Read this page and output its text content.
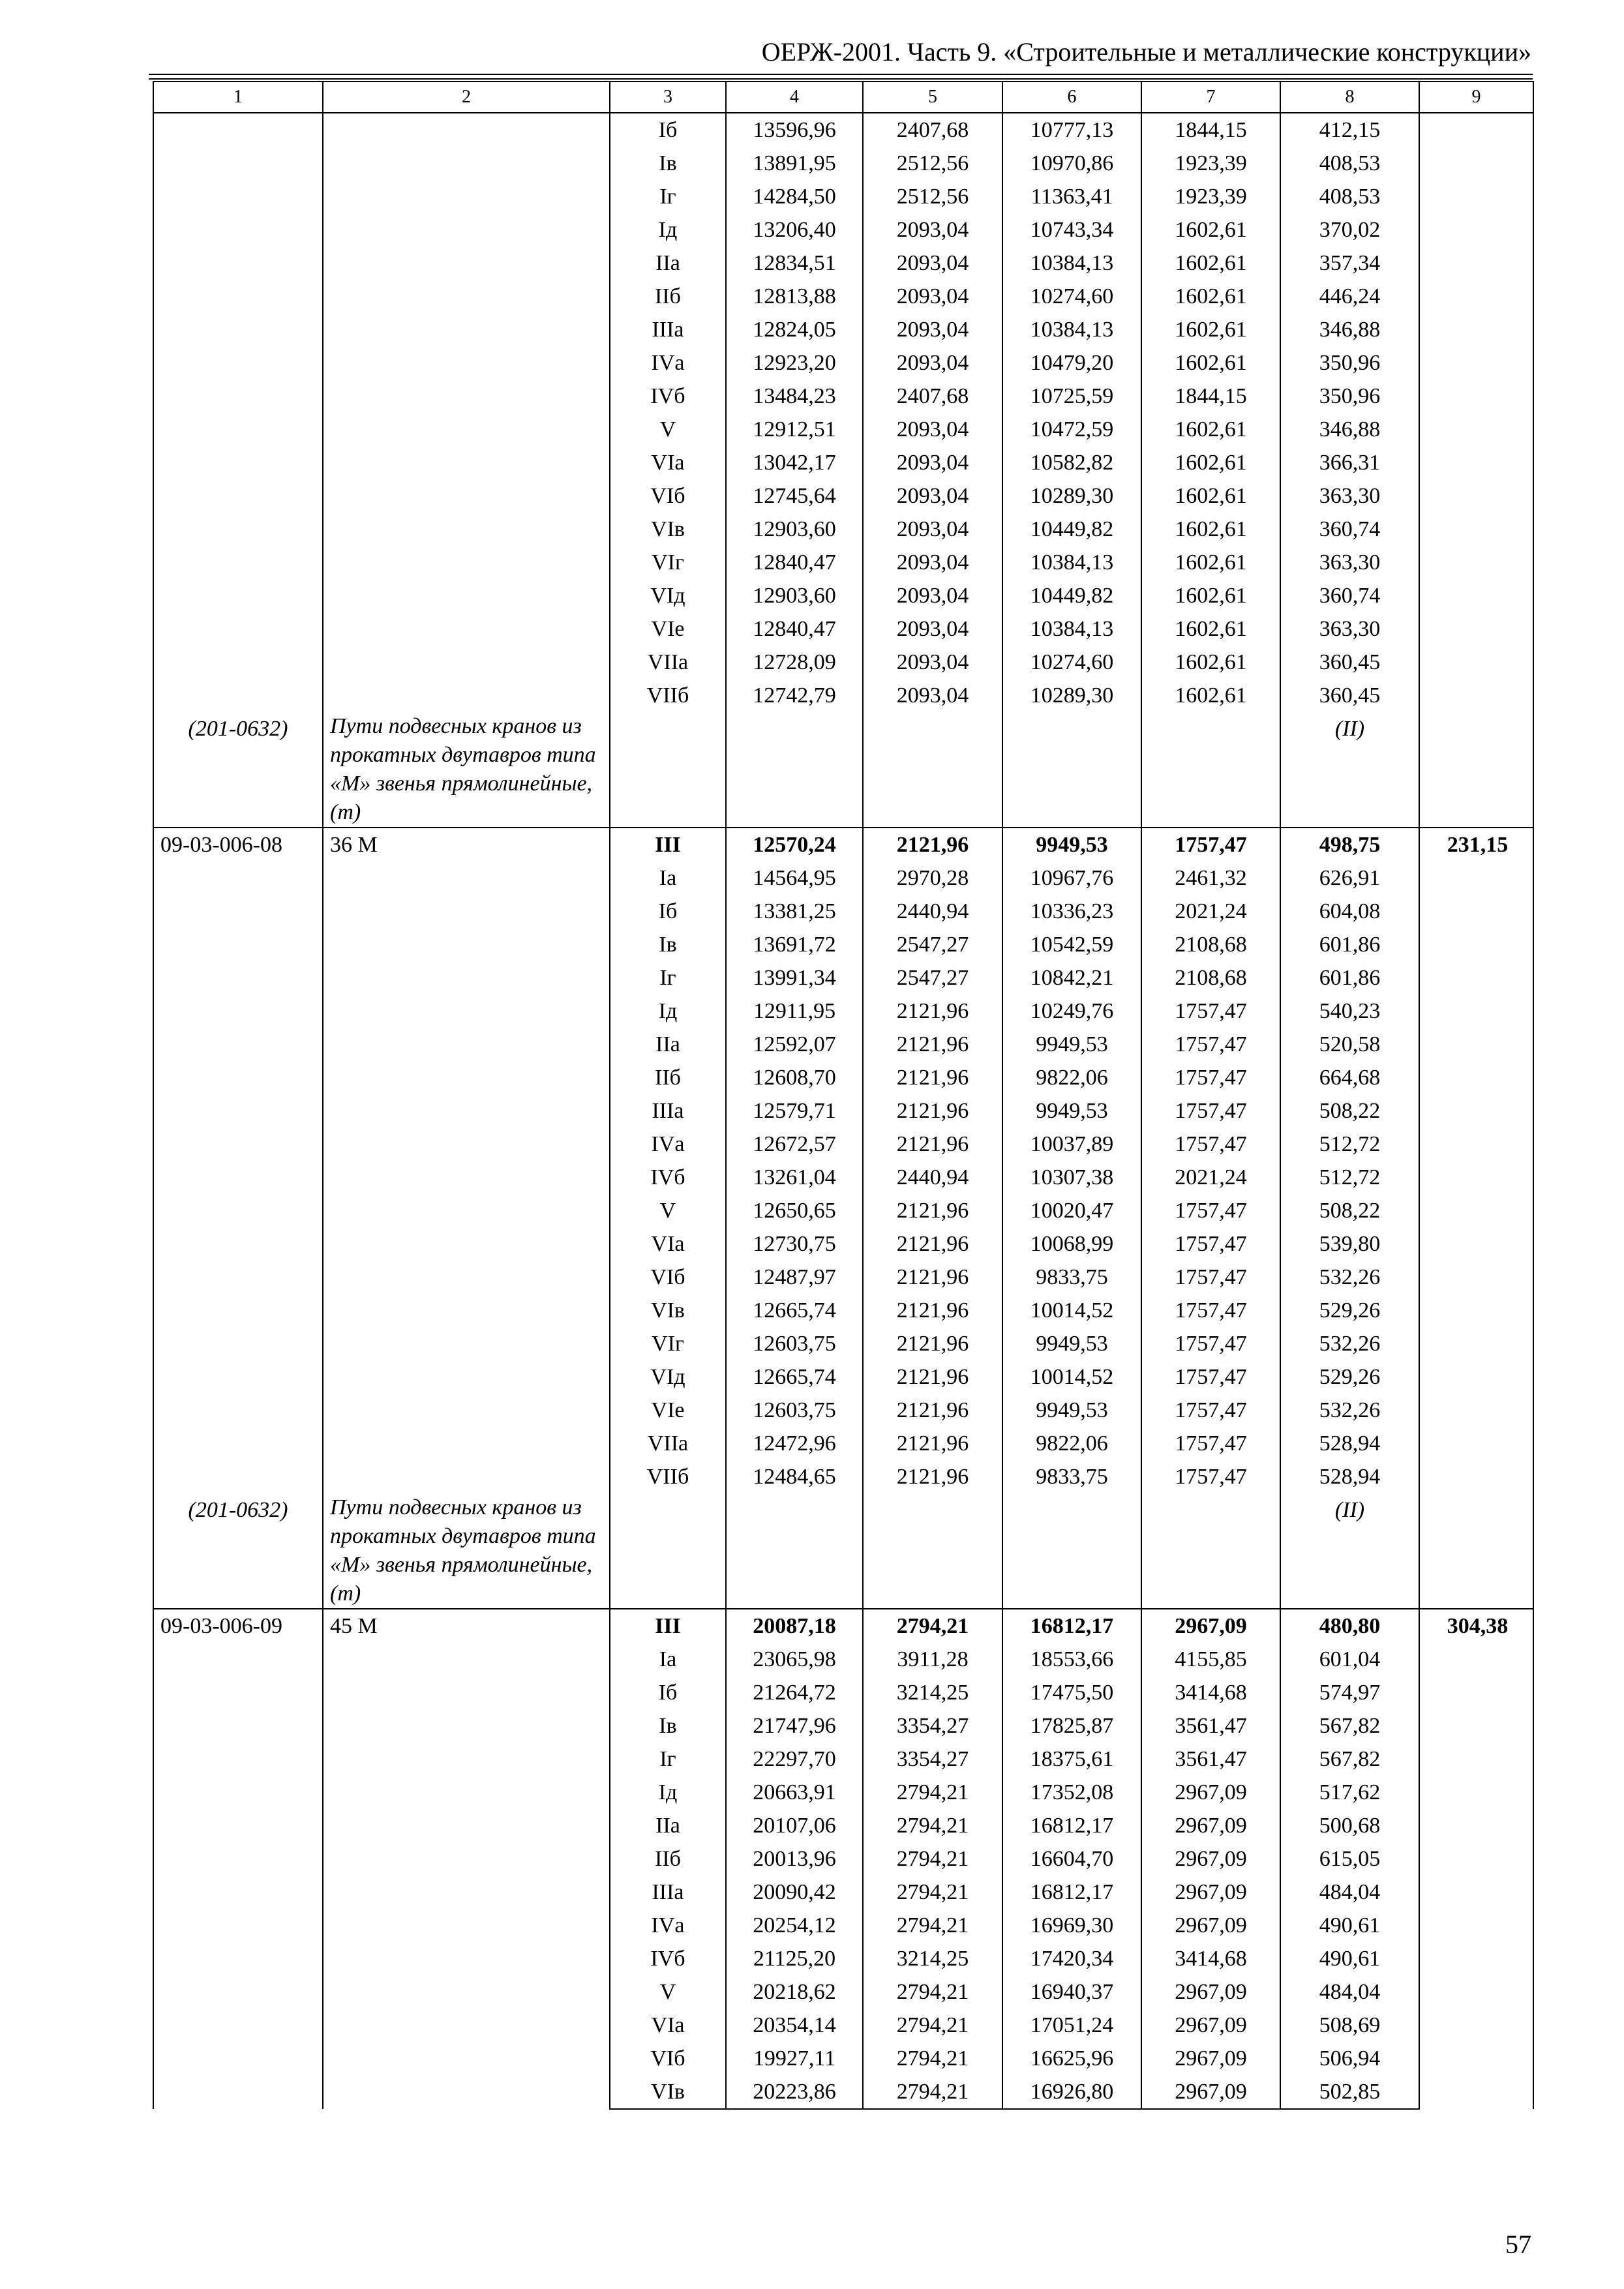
ОЕРЖ-2001. Часть 9. «Строительные и металлические конструкции»
1	2	3	4	5	6	7	8	9
		Iб	13596,96	2407,68	10777,13	1844,15	412,15	
		Iв	13891,95	2512,56	10970,86	1923,39	408,53	
		Iг	14284,50	2512,56	11363,41	1923,39	408,53	
		Iд	13206,40	2093,04	10743,34	1602,61	370,02	
		IIа	12834,51	2093,04	10384,13	1602,61	357,34	
		IIб	12813,88	2093,04	10274,60	1602,61	446,24	
		IIIа	12824,05	2093,04	10384,13	1602,61	346,88	
		IVа	12923,20	2093,04	10479,20	1602,61	350,96	
		IVб	13484,23	2407,68	10725,59	1844,15	350,96	
		V	12912,51	2093,04	10472,59	1602,61	346,88	
		VIа	13042,17	2093,04	10582,82	1602,61	366,31	
		VIб	12745,64	2093,04	10289,30	1602,61	363,30	
		VIв	12903,60	2093,04	10449,82	1602,61	360,74	
		VIг	12840,47	2093,04	10384,13	1602,61	363,30	
		VIд	12903,60	2093,04	10449,82	1602,61	360,74	
		VIе	12840,47	2093,04	10384,13	1602,61	363,30	
		VIIа	12728,09	2093,04	10274,60	1602,61	360,45	
		VIIб	12742,79	2093,04	10289,30	1602,61	360,45	

(201-0632)	Пути подвесных кранов из прокатных двутавров типа «М» звенья прямолинейные, (т)						(II)	
09-03-006-08	36 М	III	12570,24	2121,96	9949,53	1757,47	498,75	231,15
		Iа	14564,95	2970,28	10967,76	2461,32	626,91	
		Iб	13381,25	2440,94	10336,23	2021,24	604,08	
		Iв	13691,72	2547,27	10542,59	2108,68	601,86	
		Iг	13991,34	2547,27	10842,21	2108,68	601,86	
		Iд	12911,95	2121,96	10249,76	1757,47	540,23	
		IIа	12592,07	2121,96	9949,53	1757,47	520,58	
		IIб	12608,70	2121,96	9822,06	1757,47	664,68	
		IIIа	12579,71	2121,96	9949,53	1757,47	508,22	
		IVа	12672,57	2121,96	10037,89	1757,47	512,72	
		IVб	13261,04	2440,94	10307,38	2021,24	512,72	
		V	12650,65	2121,96	10020,47	1757,47	508,22	
		VIа	12730,75	2121,96	10068,99	1757,47	539,80	
		VIб	12487,97	2121,96	9833,75	1757,47	532,26	
		VIв	12665,74	2121,96	10014,52	1757,47	529,26	
		VIг	12603,75	2121,96	9949,53	1757,47	532,26	
		VIд	12665,74	2121,96	10014,52	1757,47	529,26	
		VIе	12603,75	2121,96	9949,53	1757,47	532,26	
		VIIа	12472,96	2121,96	9822,06	1757,47	528,94	
		VIIб	12484,65	2121,96	9833,75	1757,47	528,94	

(201-0632)	Пути подвесных кранов из прокатных двутавров типа «М» звенья прямолинейные, (т)						(II)	
09-03-006-09	45 М	III	20087,18	2794,21	16812,17	2967,09	480,80	304,38
		Iа	23065,98	3911,28	18553,66	4155,85	601,04	
		Iб	21264,72	3214,25	17475,50	3414,68	574,97	
		Iв	21747,96	3354,27	17825,87	3561,47	567,82	
		Iг	22297,70	3354,27	18375,61	3561,47	567,82	
		Iд	20663,91	2794,21	17352,08	2967,09	517,62	
		IIа	20107,06	2794,21	16812,17	2967,09	500,68	
		IIб	20013,96	2794,21	16604,70	2967,09	615,05	
		IIIа	20090,42	2794,21	16812,17	2967,09	484,04	
		IVа	20254,12	2794,21	16969,30	2967,09	490,61	
		IVб	21125,20	3214,25	17420,34	3414,68	490,61	
		V	20218,62	2794,21	16940,37	2967,09	484,04	
		VIа	20354,14	2794,21	17051,24	2967,09	508,69	
		VIб	19927,11	2794,21	16625,96	2967,09	506,94	
		VIв	20223,86	2794,21	16926,80	2967,09	502,85	
57
